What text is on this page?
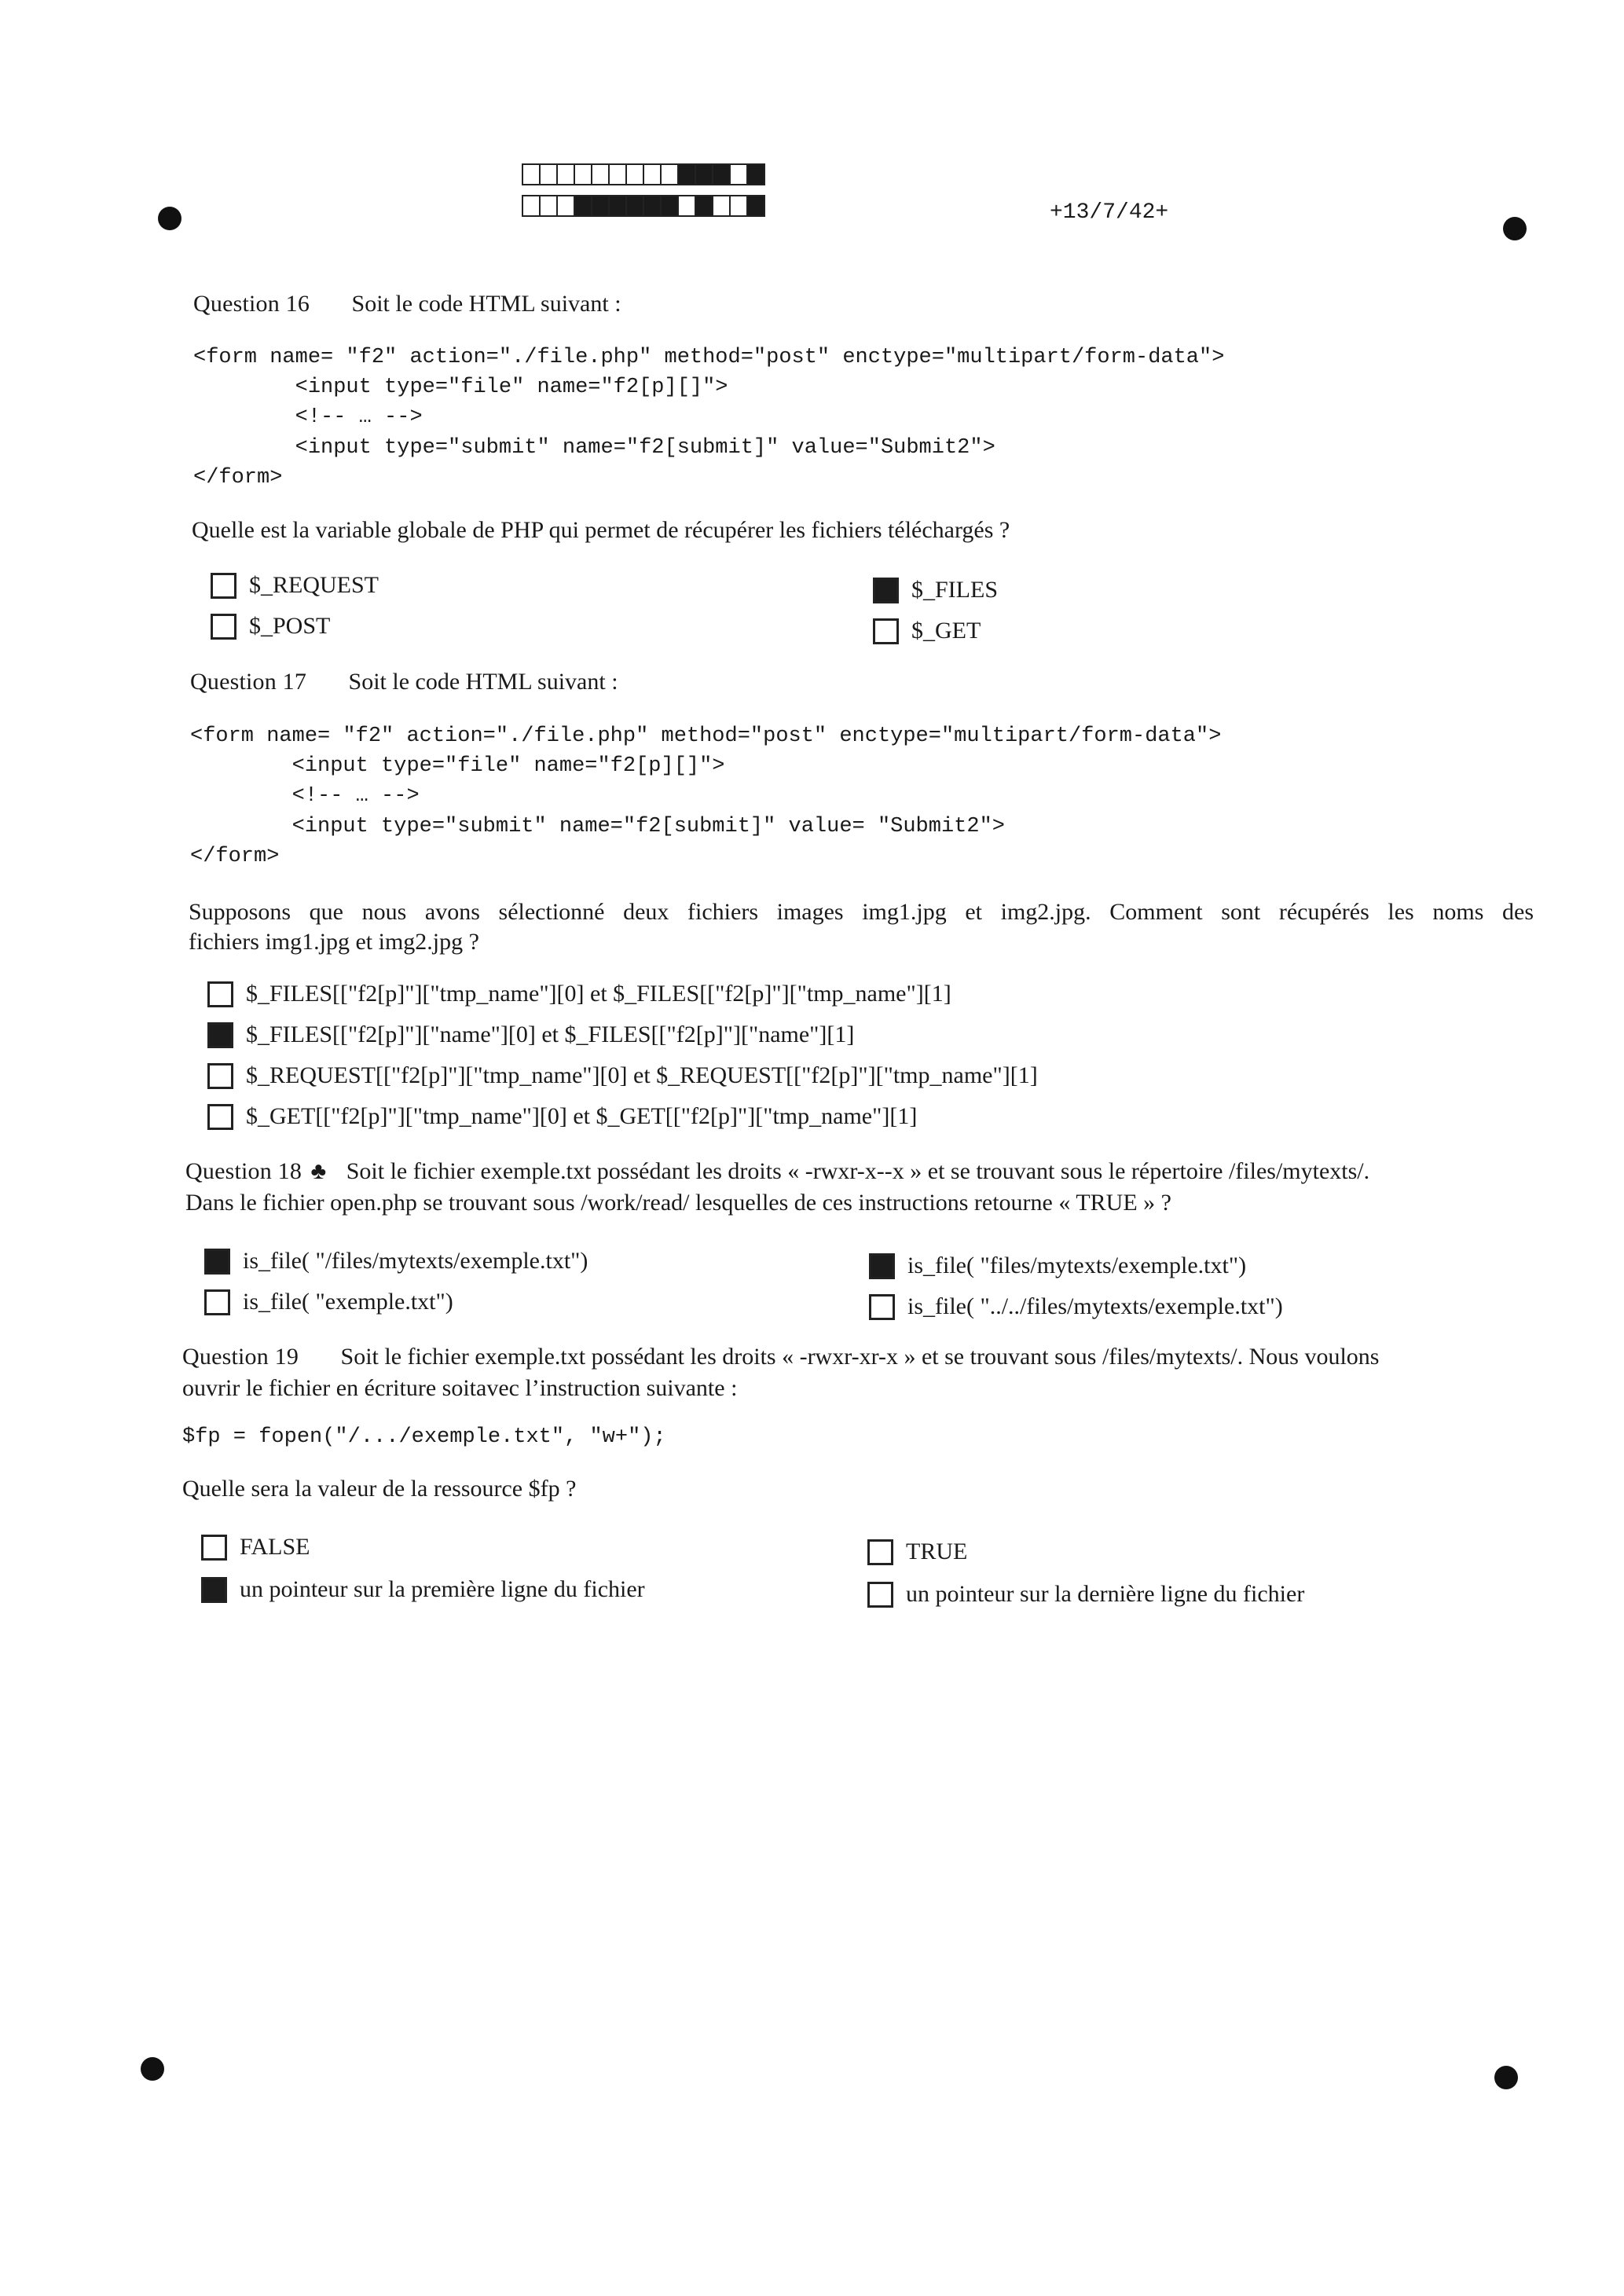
+13/7/42+
Question 16 Soit le code HTML suivant :
<form name= "f2" action="./file.php" method="post" enctype="multipart/form-data">
<input type="file" name="f2[p][]">
<!-- … -->
<input type="submit" name="f2[submit]" value="Submit2">
</form>
Quelle est la variable globale de PHP qui permet de récupérer les fichiers téléchargés ?
$_REQUEST
$_POST
$_FILES
$_GET
Question 17 Soit le code HTML suivant :
<form name= "f2" action="./file.php" method="post" enctype="multipart/form-data">
<input type="file" name="f2[p][]">
<!-- … -->
<input type="submit" name="f2[submit]" value= "Submit2">
</form>
Supposons que nous avons sélectionné deux fichiers images img1.jpg et img2.jpg. Comment sont récupérés les noms des
fichiers img1.jpg et img2.jpg ?
$_FILES[["f2[p]"]["tmp_name"][0] et $_FILES[["f2[p]"]["tmp_name"][1]
$_FILES[["f2[p]"]["name"][0] et $_FILES[["f2[p]"]["name"][1]
$_REQUEST[["f2[p]"]["tmp_name"][0] et $_REQUEST[["f2[p]"]["tmp_name"][1]
$_GET[["f2[p]"]["tmp_name"][0] et $_GET[["f2[p]"]["tmp_name"][1]
Question 18 ♣ Soit le fichier exemple.txt possédant les droits « -rwxr-x--x » et se trouvant sous le répertoire /files/mytexts/.
Dans le fichier open.php se trouvant sous /work/read/ lesquelles de ces instructions retourne « TRUE » ?
is_file( "/files/mytexts/exemple.txt")
is_file( "exemple.txt")
is_file( "files/mytexts/exemple.txt")
is_file( "../../files/mytexts/exemple.txt")
Question 19 Soit le fichier exemple.txt possédant les droits « -rwxr-xr-x » et se trouvant sous /files/mytexts/. Nous voulons
ouvrir le fichier en écriture soitavec l’instruction suivante :
$fp = fopen("/.../exemple.txt", "w+");
Quelle sera la valeur de la ressource $fp ?
FALSE
un pointeur sur la première ligne du fichier
TRUE
un pointeur sur la dernière ligne du fichier
